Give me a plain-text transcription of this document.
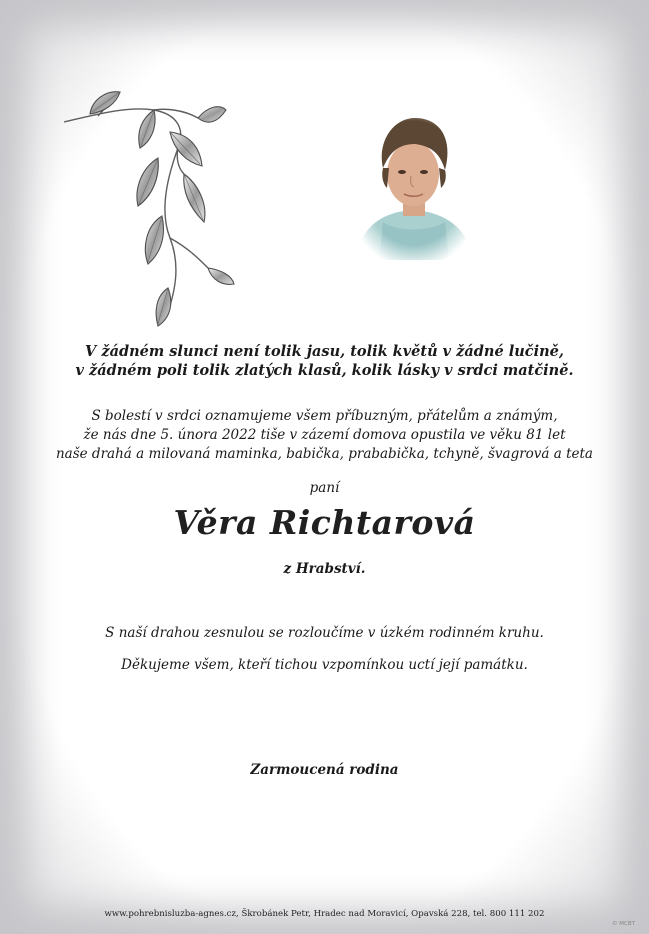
V žádném slunci není tolik jasu, tolik květů v žádné lučině,
v žádném poli tolik zlatých klasů, kolik lásky v srdci matčině.
S bolestí v srdci oznamujeme všem příbuzným, přátelům a známým,
že nás dne 5. února 2022 tiše v zázemí domova opustila ve věku 81 let
naše drahá a milovaná maminka, babička, prababička, tchyně, švagrová a teta
paní
Věra Richtarová
z Hrabství.
S naší drahou zesnulou se rozloučíme v úzkém rodinném kruhu.
Děkujeme všem, kteří tichou vzpomínkou uctí její památku.
Zarmoucená rodina
www.pohrebnisluzba-agnes.cz, Škrobánek Petr, Hradec nad Moravicí, Opavská 228, tel. 800 111 202
© MCBT
